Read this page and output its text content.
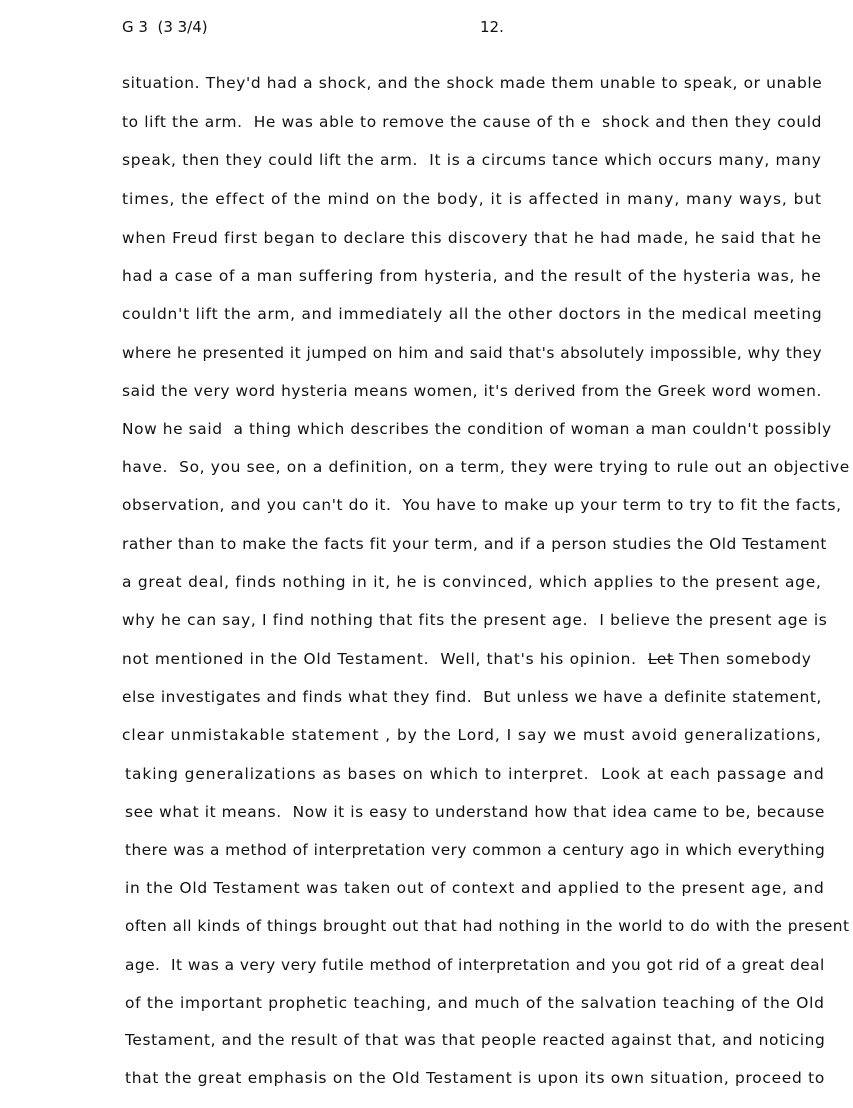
G 3  (3 3/4)	12.
situation. They'd had a shock, and the shock made them unable to speak, or unable
to lift the arm.  He was able to remove the cause of th e  shock and then they could
speak, then they could lift the arm.  It is a circums tance which occurs many, many
times, the effect of the mind on the body, it is affected in many, many ways, but
when Freud first began to declare this discovery that he had made, he said that he
had a case of a man suffering from hysteria, and the result of the hysteria was, he
couldn't lift the arm, and immediately all the other doctors in the medical meeting
where he presented it jumped on him and said that's absolutely impossible, why they
said the very word hysteria means women, it's derived from the Greek word women.
Now he said  a thing which describes the condition of woman a man couldn't possibly
have.  So, you see, on a definition, on a term, they were trying to rule out an objective
observation, and you can't do it.  You have to make up your term to try to fit the facts,
rather than to make the facts fit your term, and if a person studies the Old Testament
a great deal, finds nothing in it, he is convinced, which applies to the present age,
why he can say, I find nothing that fits the present age.  I believe the present age is
not mentioned in the Old Testament.  Well, that's his opinion.  Let Then somebody
else investigates and finds what they find.  But unless we have a definite statement,
clear unmistakable statement , by the Lord, I say we must avoid generalizations,
taking generalizations as bases on which to interpret.  Look at each passage and
see what it means.  Now it is easy to understand how that idea came to be, because
there was a method of interpretation very common a century ago in which everything
in the Old Testament was taken out of context and applied to the present age, and
often all kinds of things brought out that had nothing in the world to do with the present
age.  It was a very very futile method of interpretation and you got rid of a great deal
of the important prophetic teaching, and much of the salvation teaching of the Old
Testament, and the result of that was that people reacted against that, and noticing
that the great emphasis on the Old Testament is upon its own situation, proceed to
